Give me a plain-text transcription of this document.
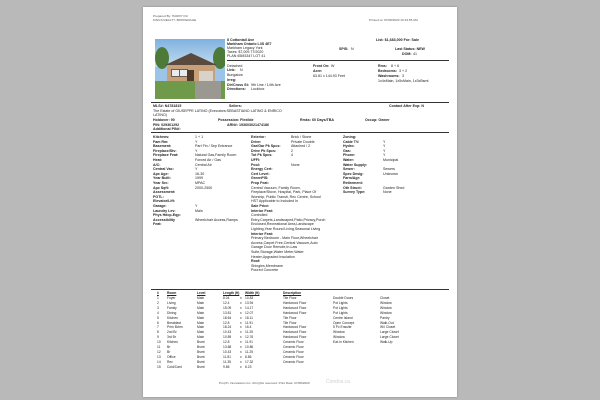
Prepared By: HARRY DU
KINGS REALTY, BROKERAGE	Printed on 07/08/2020 10:23:55 AM
8 Cottontail Ave
Markham Ontario L3S 4E7
Markham Legacy York
Taxes: $7,009.77/2020
PLAN 65M3347 LOT 41
List: $1,683,000 For: Sale
SPIS: N	Last Status: NEW
DOM: 41
Detached
Link: N
Bungalow
Irreg:
Dir/Cross St: 9th Line / 14th Ave
Directions: Lockbox
Front On: W
Acre:
63.81 x 144.93 Feet
Rms: 8 + 6
Bedrooms: 3 + 2
Washrooms: 3
1x4xMain, 1x5xMain, 1x3xBsmt
MLS#: N4781815	Sellers:	Contact After Exp: N
The Estate of GIUSEPPE LATINO (Executors:SEBASTIANO LATINO & ENRICO
LATINO)
Holdover: 90	Possession: Flexible	Rmks: 60 Days/TBA	Occup: Owner
PIN: 029361292	ARN#: 193603021474186
Additional PIN#:
Kitchens:	1 + 1
Fam Rm:	Y
Basement:	Part Fin / Sep Entrance
Fireplace/Stv:	Y
Fireplace Feat:	Natural Gas,Family Room
Heat:	Forced Air / Gas
A/C:	Central Air
Central Vac:	Y
Apx Age:	16-30
Year Built:	1999
Year Src:	MPAC
Apx Sqft:	2000-2500
Assessment:
POTL:
Elevator/Lift:
Garage:	Y
Laundry Lev:	Main
Phys Hdcp-Eqp:
Accessibility	Wheelchair Access,Ramps
Feat:
Exterior:	Brick / Stone
Drive:	Private Double
Gar/Gar Pk Spcs:	Attached / 2
Drive Pk Spcs:	2
Tot Pk Spcs:	4
UFFI:
Pool:	None
Energy Cert:
Cert Level:
GreenPIS:
Prop Feat:
Central Vacuum, Family Room,
Fireplace/Stove, Hospital, Park, Place Of
Worship, Public Transit, Rec Centre, School
HST Applicable to Included In
Sale Price:
Interior Feat:
Controlled
Entry,Carpets,Landscaped,Patio,Privacy,Porch
Enclosed,Recreational Area,Landscape
Lighting,Year Round Living,Seasonal Living
Interior Feat:
Primary Bedroom - Main Floor,Wheelchair
Access,Carpet Free,Central Vacuum,Auto
Garage Door Remote,In-Law
Suite,Storage,Water Meter,Water
Heater,Upgraded Insulation
Roof:
Shingles,Membrane
Poured Concrete
Zoning:
Cable TV:	Y
Hydro:	Y
Gas:	Y
Phone:	Y
Water:	Municipal
Water Supply:
Sewer:	Sewers
Spec Desig:	Unknown
Farm/Agr:
Retirement:
Oth Struct:	Garden Shed
Survey Type:	None
# Room	Level	Length (ft) Width (ft)	Description
1 Foyer	Main	8.04	x 10.83	Tile Floor	Double Doors	Closet
2 Living	Main	12.4	x 13.94	Hardwood Floor	Pot Lights	Window
3 Family	Main	15.09	x 14.17	Hardwood Floor	Pot Lights	Window
4 Dining	Main	13.81	x 12.07	Hardwood Floor	Pot Lights	Window
5 Kitchen	Main	18.64	x 18.11	Tile Floor	Centre Island	Pantry
6 Breakfast	Main	12.8	x 11.91	Tile Floor	Open Concept	Walk-Out
7 Prim Bdrm	Main	18.24	x 16.4	Hardwood Floor	5 Pc Ensuite	W/I Closet
8 2nd Br	Main	10.43	x 11.25	Hardwood Floor	Window	Large Closet
9 3rd Br	Main	10.89	x 12.76	Hardwood Floor	Window	Large Closet
10 Kitchen	Bsmt	12.8	x 11.91	Ceramic Floor	Eat-In Kitchen	Walk-Up
11 Br	Bsmt	13.68	x 10.86	Ceramic Floor
12 Br	Bsmt	10.43	x 11.25	Ceramic Floor
13 Office	Bsmt	11.81	x 8.86	Ceramic Floor
14 Rec	Bsmt	11.35	x 17.32	Ceramic Floor
15 Cold/Cant	Bsmt	9.86	x 6.23
PropTx Innovations Inc. All rights reserved. Print Date: 07/08/2020	Condos.ca
